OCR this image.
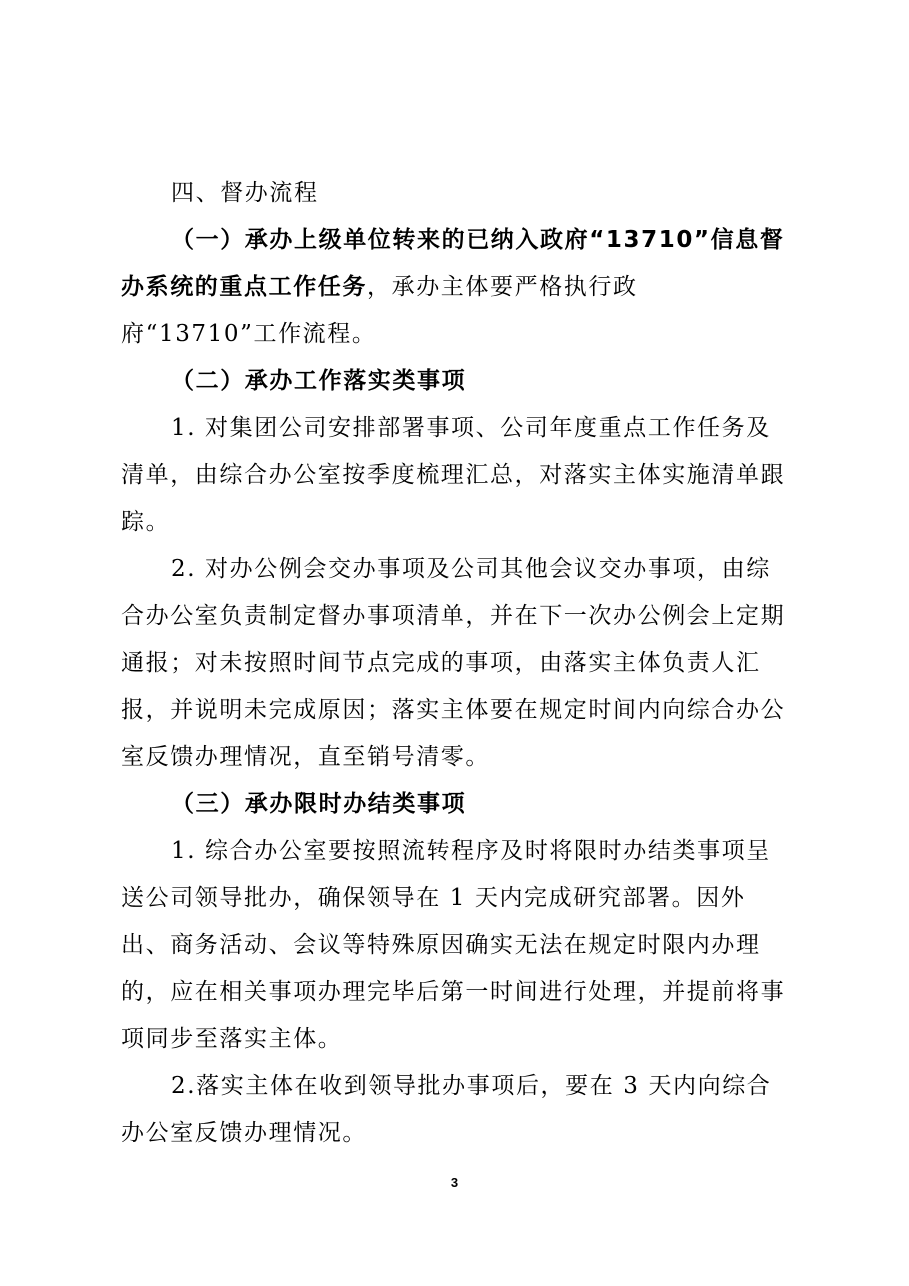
四、督办流程

（一）承办上级单位转来的已纳入政府“13710”信息督办系统的重点工作任务，承办主体要严格执行政府“13710”工作流程。

（二）承办工作落实类事项

1. 对集团公司安排部署事项、公司年度重点工作任务及清单，由综合办公室按季度梳理汇总，对落实主体实施清单跟踪。

2. 对办公例会交办事项及公司其他会议交办事项，由综合办公室负责制定督办事项清单，并在下一次办公例会上定期通报；对未按照时间节点完成的事项，由落实主体负责人汇报，并说明未完成原因；落实主体要在规定时间内向综合办公室反馈办理情况，直至销号清零。

（三）承办限时办结类事项

1. 综合办公室要按照流转程序及时将限时办结类事项呈送公司领导批办，确保领导在 1 天内完成研究部署。因外出、商务活动、会议等特殊原因确实无法在规定时限内办理的，应在相关事项办理完毕后第一时间进行处理，并提前将事项同步至落实主体。

2.落实主体在收到领导批办事项后，要在 3 天内向综合办公室反馈办理情况。

3
